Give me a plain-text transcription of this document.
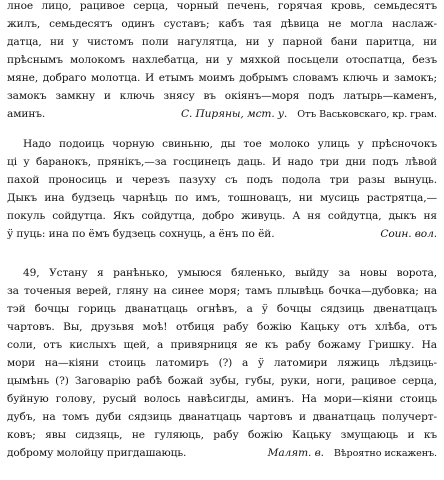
лное лицо, рацивое серца, чорный печень, горячая кровь, семьдесятъ
жилъ, семьдесятъ одинъ суставъ; кабъ тая дѣвица не могла наслаж-
датца, ни у чистомъ поли нагулятца, ни у парной бани паритца, ни
прѣснымъ молокомъ нахлебатца, ни у мяхкой посьцели отоспатца, безъ
мяне, добраго молотца. И етымъ моимъ добрымъ словамъ ключь и замокъ;
замокъ замкну и ключь знясу въ окiянъ—моря подъ латырь—каменъ,
аминъ.	С. Пиряны, мст. у. Отъ Васьковскаго, кр. грам.
Надо подоиць чорную свиньню, ды тое молоко улиць у прѣсночокъ
ці у баранокъ, прянікъ,—за госцинецъ даць. И надо три дни подъ лѣвой
пахой проносиць и черезъ пазуху съ подъ подола три разы вынуць.
Дыкъ ина будзець чарнѣць по имъ, тошновацъ, ни мусиць растрятца,—
покуль сойдутца. Якъ сойдутца, добро живуць. А ня сойдутца, дыкъ ня
ӱ пуць: ина по ёмъ будзець сохнуць, а ёнъ по ёй.	Соин. вол.
49, Устану я ранѣнько, умыюся бяленько, выйду за новы ворота,
за точеныя верей, гляну на синее моря; тамъ плывѣць бочка—дубовка; на
тэй бочцы гориць дванатцаць огнѣвъ, а ӱ бочцы сядзиць двенатцацъ
чартовъ. Вы, друзьвя моѣ! отбиця рабу божiю Кацьку отъ хлѣба, отъ
соли, отъ кислыхъ щей, а привярниця яе къ рабу божаму Гришку. На
мори на—кiяни стоиць латомиръ (?) а ӱ латомири ляжиць лѣдзиць-
цымѣнь (?) Заговарiю рабѣ божай зубы, губы, руки, ноги, рацивое серца,
буйную голову, русый волось навѣсигды, аминъ. На мори—кiяни стоиць
дубъ, на томъ дуби сядзиць дванатцаць чартовъ и дванатцаць получерт-
ковъ; явы сидзяць, не гуляюць, рабу божiю Кацьку змущаюць и къ
доброму молойцу пригдашаюць.	Малят. в. Вѣроятно искаженъ.
